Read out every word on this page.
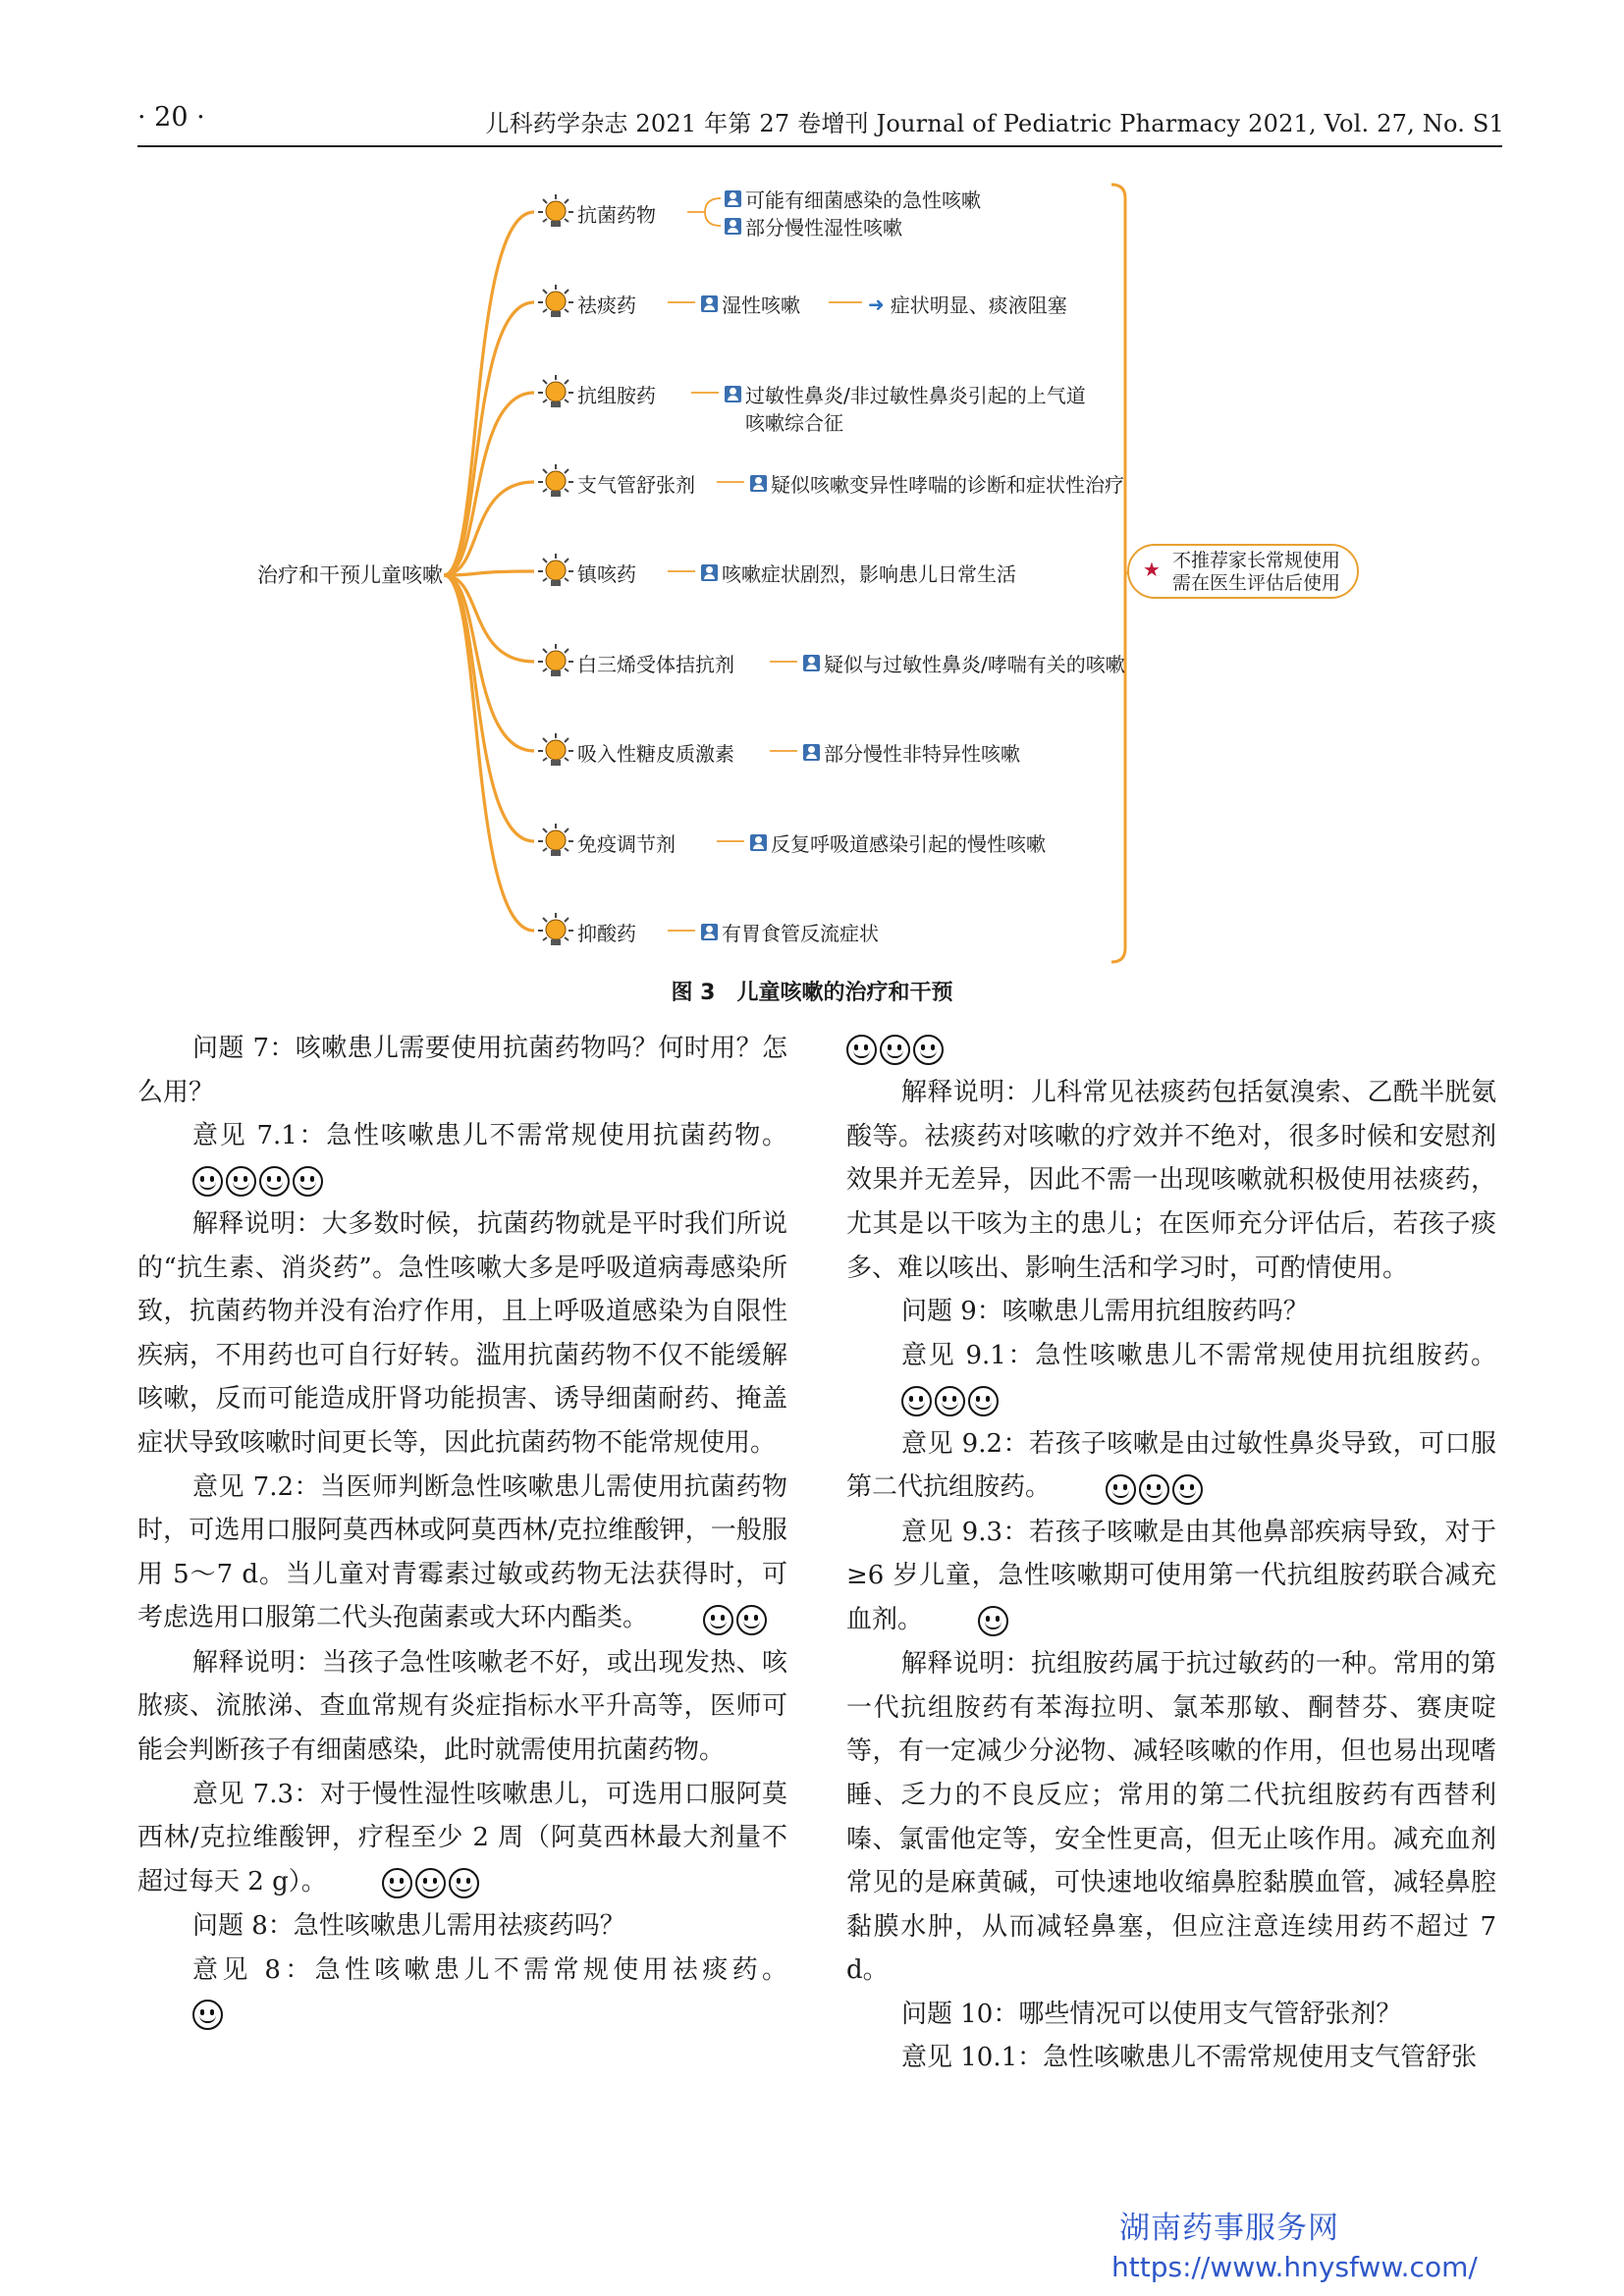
· 20 ·	儿科药学杂志 2021 年第 27 卷增刊 Journal of Pediatric Pharmacy 2021, Vol. 27, No. S1
治疗和干预儿童咳嗽
抗菌药物
可能有细菌感染的急性咳嗽
部分慢性湿性咳嗽
祛痰药	湿性咳嗽	➜ 症状明显、痰液阻塞
抗组胺药	过敏性鼻炎/非过敏性鼻炎引起的上气道
咳嗽综合征
支气管舒张剂	疑似咳嗽变异性哮喘的诊断和症状性治疗
镇咳药	咳嗽症状剧烈，影响患儿日常生活
白三烯受体拮抗剂	疑似与过敏性鼻炎/哮喘有关的咳嗽
吸入性糖皮质激素	部分慢性非特异性咳嗽
免疫调节剂	反复呼吸道感染引起的慢性咳嗽
抑酸药	有胃食管反流症状
★ 不推荐家长常规使用
需在医生评估后使用
图 3　儿童咳嗽的治疗和干预

问题 7：咳嗽患儿需要使用抗菌药物吗？何时用？怎么用？

意见 7.1：急性咳嗽患儿不需常规使用抗菌药物。

解释说明：大多数时候，抗菌药物就是平时我们所说的“抗生素、消炎药”。急性咳嗽大多是呼吸道病毒感染所致，抗菌药物并没有治疗作用，且上呼吸道感染为自限性疾病，不用药也可自行好转。滥用抗菌药物不仅不能缓解咳嗽，反而可能造成肝肾功能损害、诱导细菌耐药、掩盖症状导致咳嗽时间更长等，因此抗菌药物不能常规使用。

意见 7.2：当医师判断急性咳嗽患儿需使用抗菌药物时，可选用口服阿莫西林或阿莫西林/克拉维酸钾，一般服用 5～7 d。当儿童对青霉素过敏或药物无法获得时，可考虑选用口服第二代头孢菌素或大环内酯类。

解释说明：当孩子急性咳嗽老不好，或出现发热、咳脓痰、流脓涕、查血常规有炎症指标水平升高等，医师可能会判断孩子有细菌感染，此时就需使用抗菌药物。

意见 7.3：对于慢性湿性咳嗽患儿，可选用口服阿莫西林/克拉维酸钾，疗程至少 2 周（阿莫西林最大剂量不超过每天 2 g）。

问题 8：急性咳嗽患儿需用祛痰药吗？

意见 8：急性咳嗽患儿不需常规使用祛痰药。

解释说明：儿科常见祛痰药包括氨溴索、乙酰半胱氨酸等。祛痰药对咳嗽的疗效并不绝对，很多时候和安慰剂效果并无差异，因此不需一出现咳嗽就积极使用祛痰药，尤其是以干咳为主的患儿；在医师充分评估后，若孩子痰多、难以咳出、影响生活和学习时，可酌情使用。

问题 9：咳嗽患儿需用抗组胺药吗？

意见 9.1：急性咳嗽患儿不需常规使用抗组胺药。

意见 9.2：若孩子咳嗽是由过敏性鼻炎导致，可口服第二代抗组胺药。

意见 9.3：若孩子咳嗽是由其他鼻部疾病导致，对于≥6 岁儿童，急性咳嗽期可使用第一代抗组胺药联合减充血剂。

解释说明：抗组胺药属于抗过敏药的一种。常用的第一代抗组胺药有苯海拉明、氯苯那敏、酮替芬、赛庚啶等，有一定减少分泌物、减轻咳嗽的作用，但也易出现嗜睡、乏力的不良反应；常用的第二代抗组胺药有西替利嗪、氯雷他定等，安全性更高，但无止咳作用。减充血剂常见的是麻黄碱，可快速地收缩鼻腔黏膜血管，减轻鼻腔黏膜水肿，从而减轻鼻塞，但应注意连续用药不超过 7 d。

问题 10：哪些情况可以使用支气管舒张剂？

意见 10.1：急性咳嗽患儿不需常规使用支气管舒张

湖南药事服务网
https://www.hnysfww.com/
